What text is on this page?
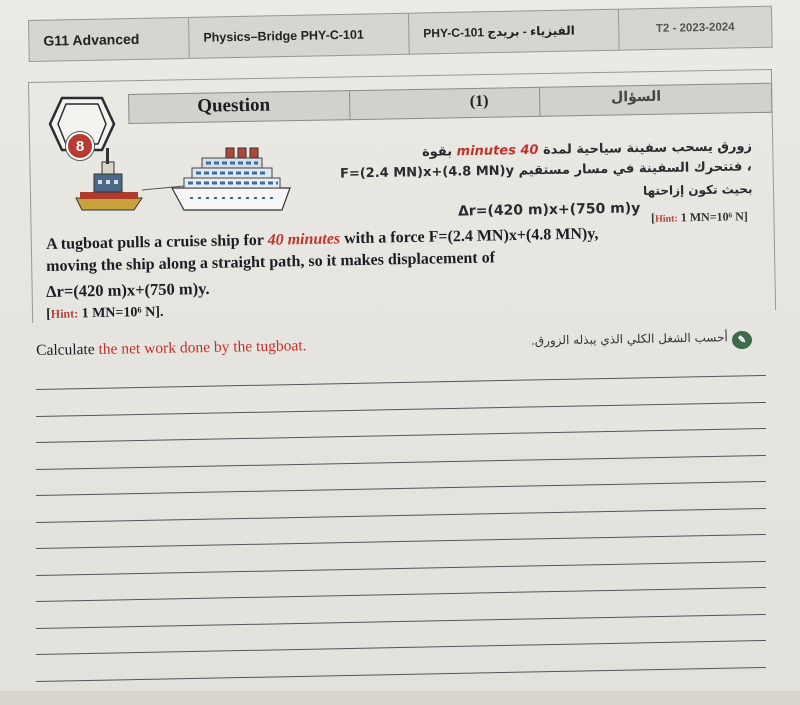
G11 Advanced	Physics–Bridge PHY-C-101	PHY-C-101 الفيزياء - بريدج	T2 - 2023-2024
Question	(1)	السؤال
8	زورق يسحب سفينة سياحية لمدة 40 minutes بقوة
، فتتحرك السفينة في مسار مستقيم F=(2.4 MN)x+(4.8 MN)y
بحيث تكون إزاحتها
Δr=(420 m)x+(750 m)y [Hint: 1 MN=10⁶ N]
A tugboat pulls a cruise ship for 40 minutes with a force F=(2.4 MN)x+(4.8 MN)y,
moving the ship along a straight path, so it makes displacement of
Δr=(420 m)x+(750 m)y.
[Hint: 1 MN=10⁶ N].
Calculate the net work done by the tugboat.	أحسب الشغل الكلي الذي يبذله الزورق. ✎
